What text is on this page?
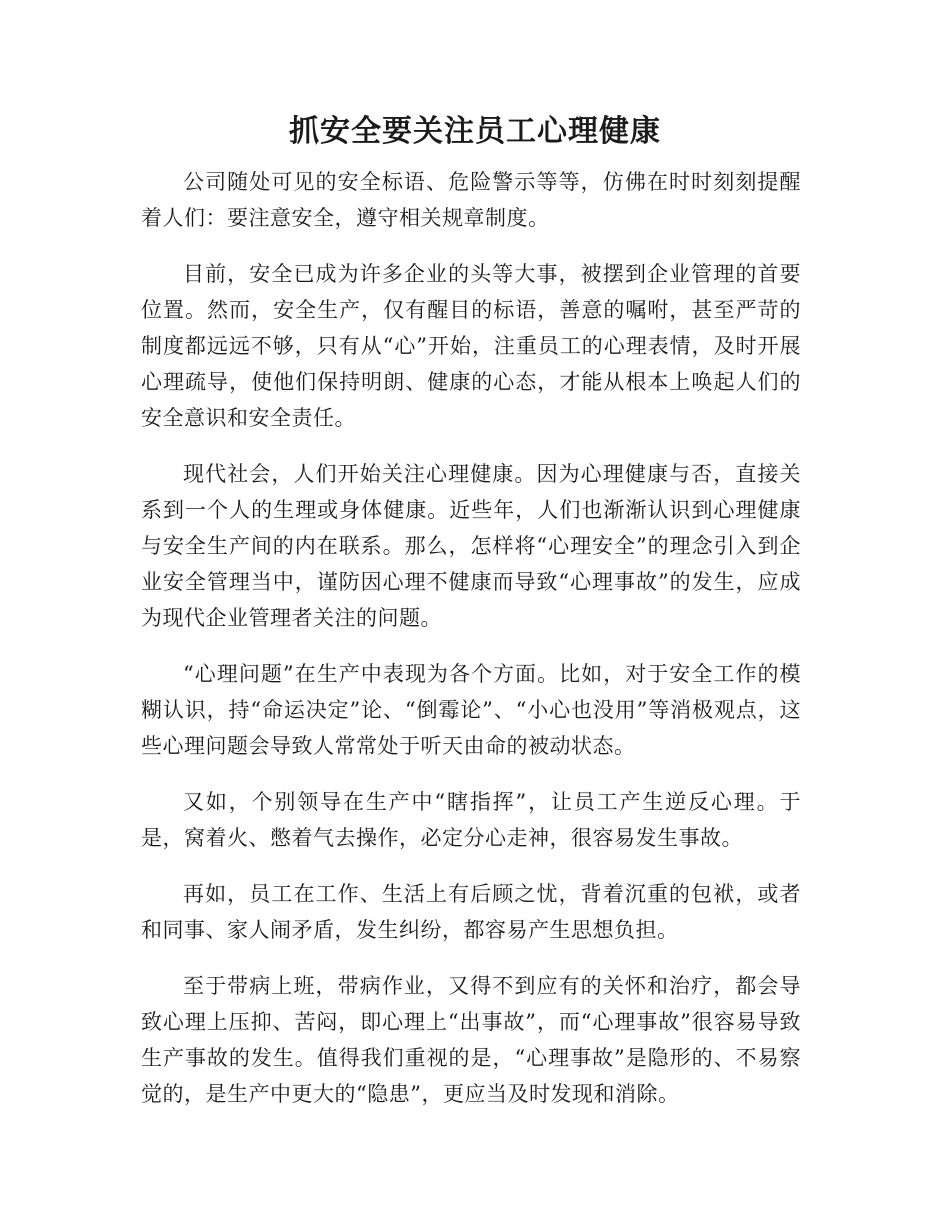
抓安全要关注员工心理健康

公司随处可见的安全标语、危险警示等等，仿佛在时时刻刻提醒着人们：要注意安全，遵守相关规章制度。

目前，安全已成为许多企业的头等大事，被摆到企业管理的首要位置。然而，安全生产，仅有醒目的标语，善意的嘱咐，甚至严苛的制度都远远不够，只有从“心”开始，注重员工的心理表情，及时开展心理疏导，使他们保持明朗、健康的心态，才能从根本上唤起人们的安全意识和安全责任。

现代社会，人们开始关注心理健康。因为心理健康与否，直接关系到一个人的生理或身体健康。近些年，人们也渐渐认识到心理健康与安全生产间的内在联系。那么，怎样将“心理安全”的理念引入到企业安全管理当中，谨防因心理不健康而导致“心理事故”的发生，应成为现代企业管理者关注的问题。

“心理问题”在生产中表现为各个方面。比如，对于安全工作的模糊认识，持“命运决定”论、“倒霉论”、“小心也没用”等消极观点，这些心理问题会导致人常常处于听天由命的被动状态。

又如，个别领导在生产中“瞎指挥”，让员工产生逆反心理。于是，窝着火、憋着气去操作，必定分心走神，很容易发生事故。

再如，员工在工作、生活上有后顾之忧，背着沉重的包袱，或者和同事、家人闹矛盾，发生纠纷，都容易产生思想负担。

至于带病上班，带病作业，又得不到应有的关怀和治疗，都会导致心理上压抑、苦闷，即心理上“出事故”，而“心理事故”很容易导致生产事故的发生。值得我们重视的是，“心理事故”是隐形的、不易察觉的，是生产中更大的“隐患”，更应当及时发现和消除。
